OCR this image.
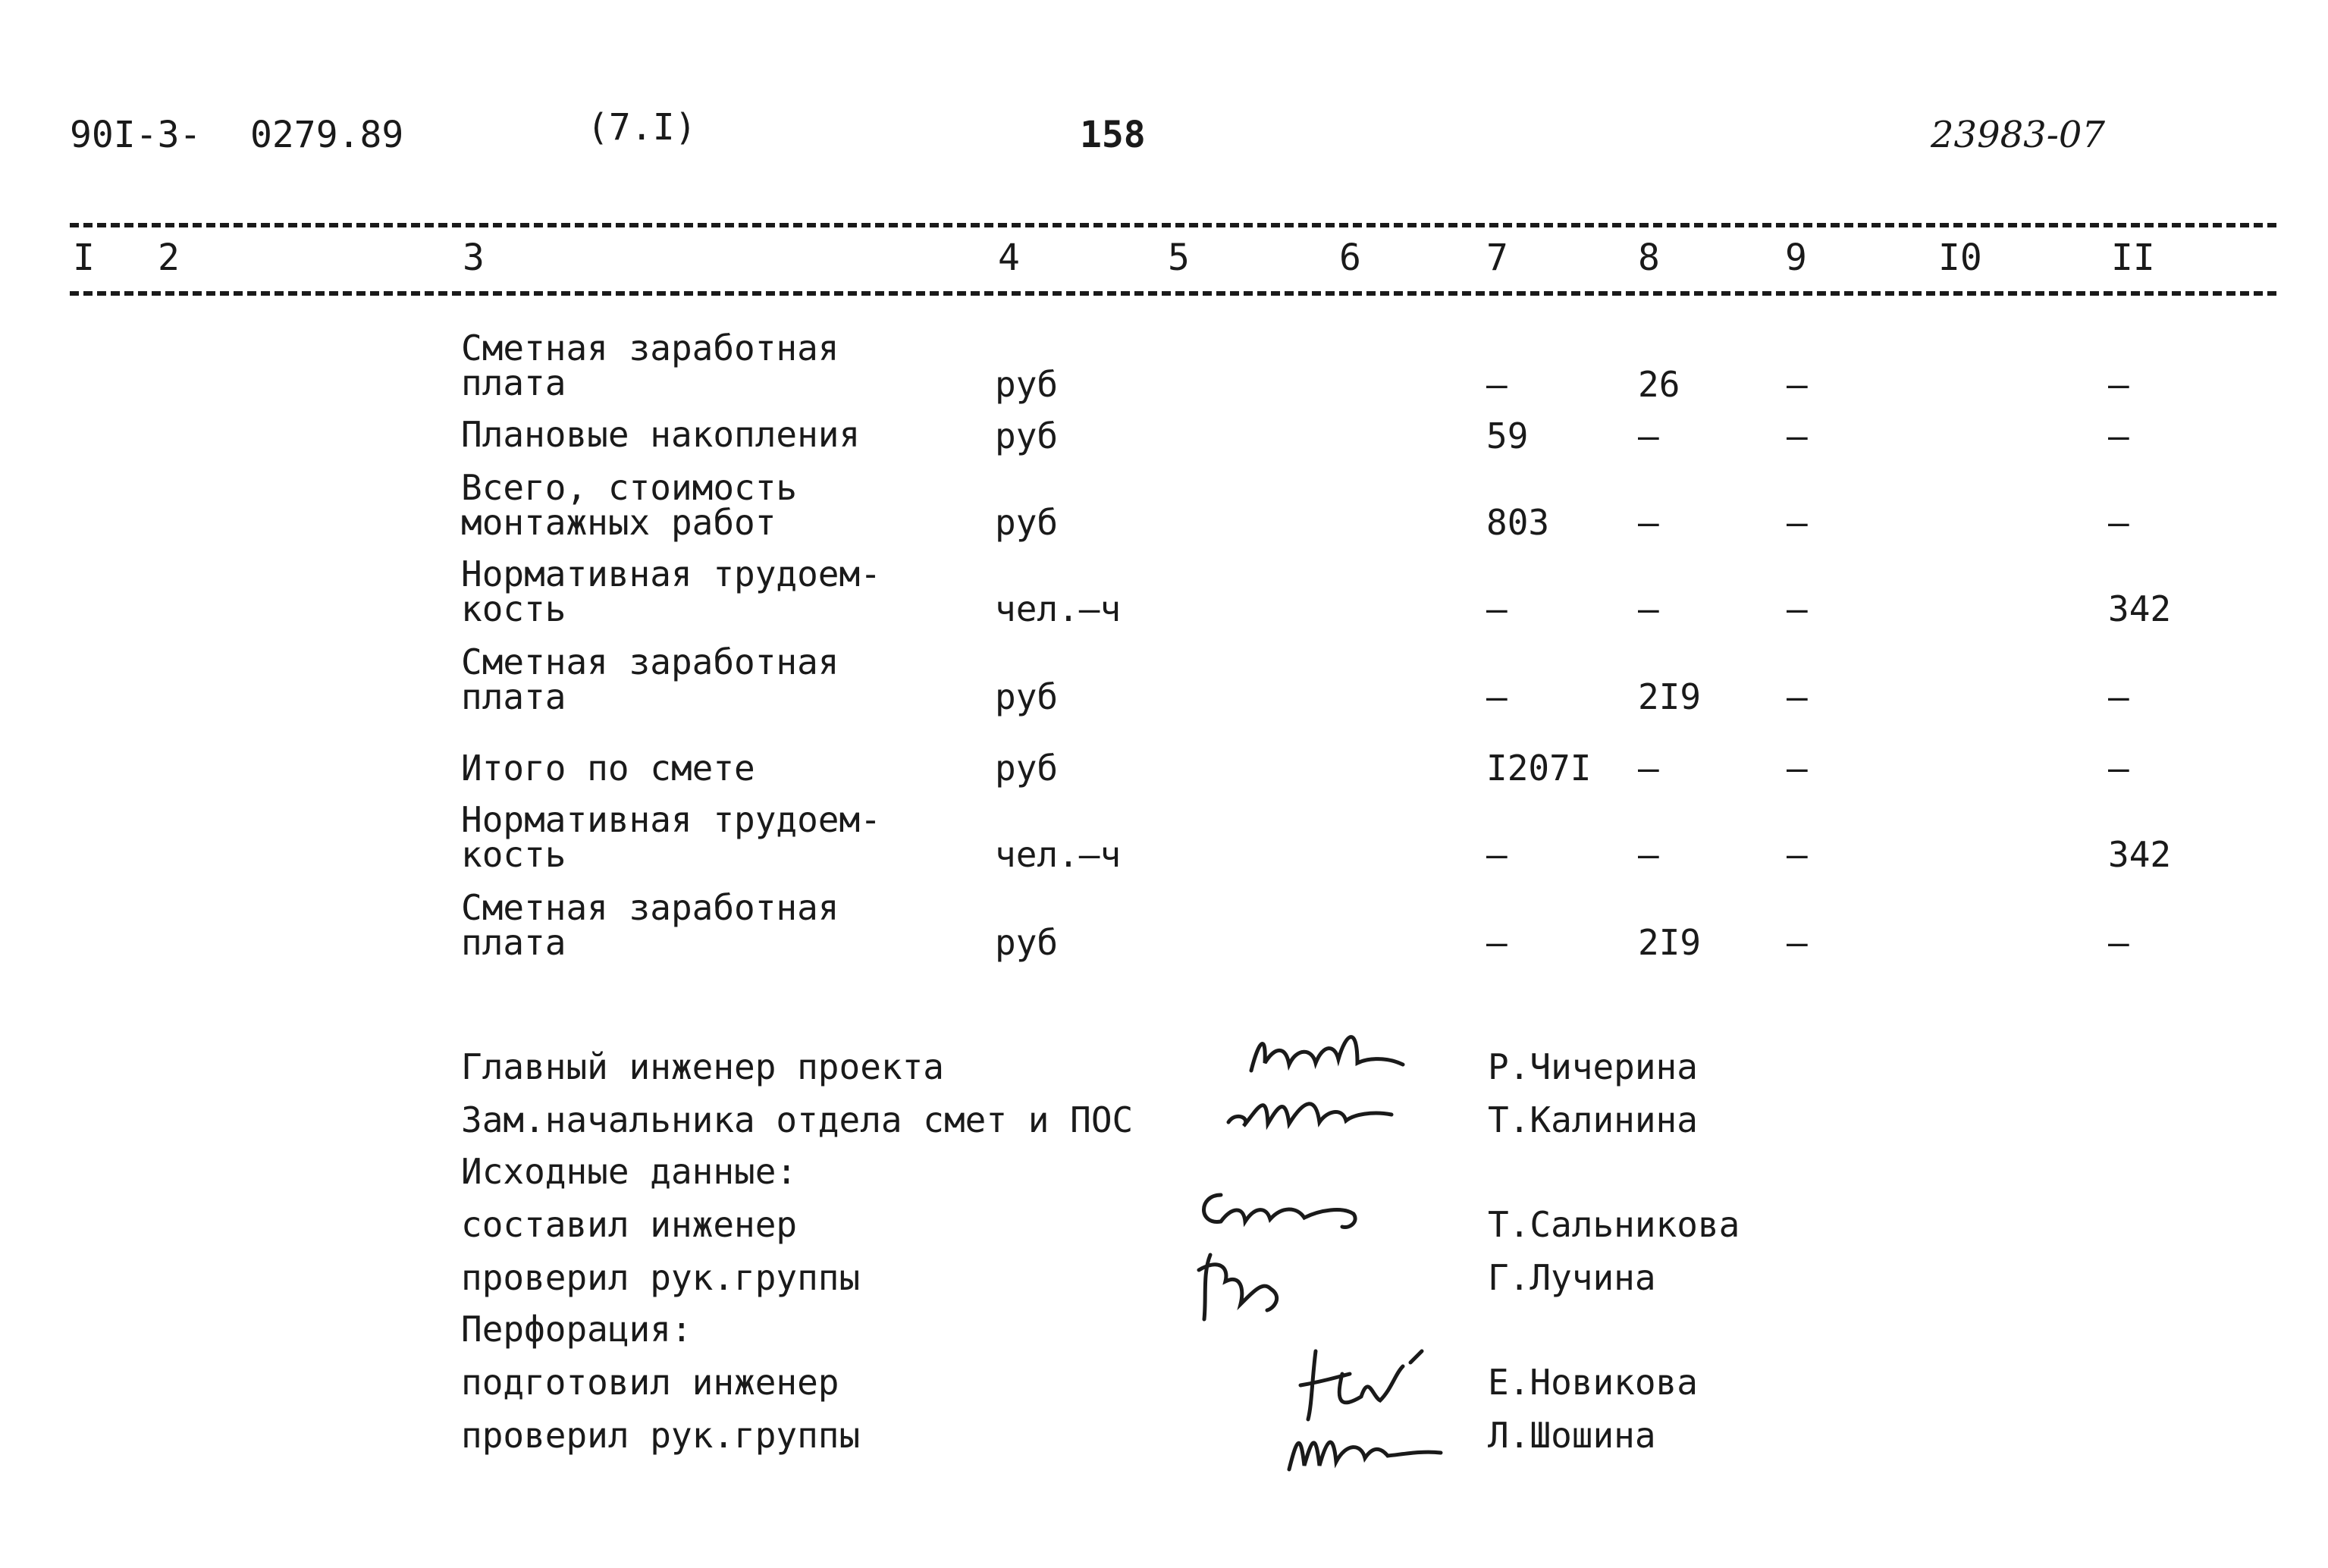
90I-3- 0279.89	(7.I)	158	23983-07
I 2	3	4	5	6	7	8	9	I0	II
Сметная заработная
плата	руб	–	26	–	–
Плановые накопления	руб	59	–	–	–
Всего, стоимость
монтажных работ	руб	803	–	–	–
Нормативная трудоем-
кость	чел.–ч	–	–	–	342
Сметная заработная
плата	руб	–	2I9 –	–
Итого по смете	руб	I207I –	–	–
Нормативная трудоем-
кость	чел.–ч	–	–	–	342
Сметная заработная
плата	руб	–	2I9 –	–
Главный инженер проекта	Р.Чичерина
Зам.начальника отдела смет и ПОС	Т.Калинина
Исходные данные:
составил инженер	Т.Сальникова
проверил рук.группы	Г.Лучина
Перфорация:
подготовил инженер	Е.Новикова
проверил рук.группы	Л.Шошина
